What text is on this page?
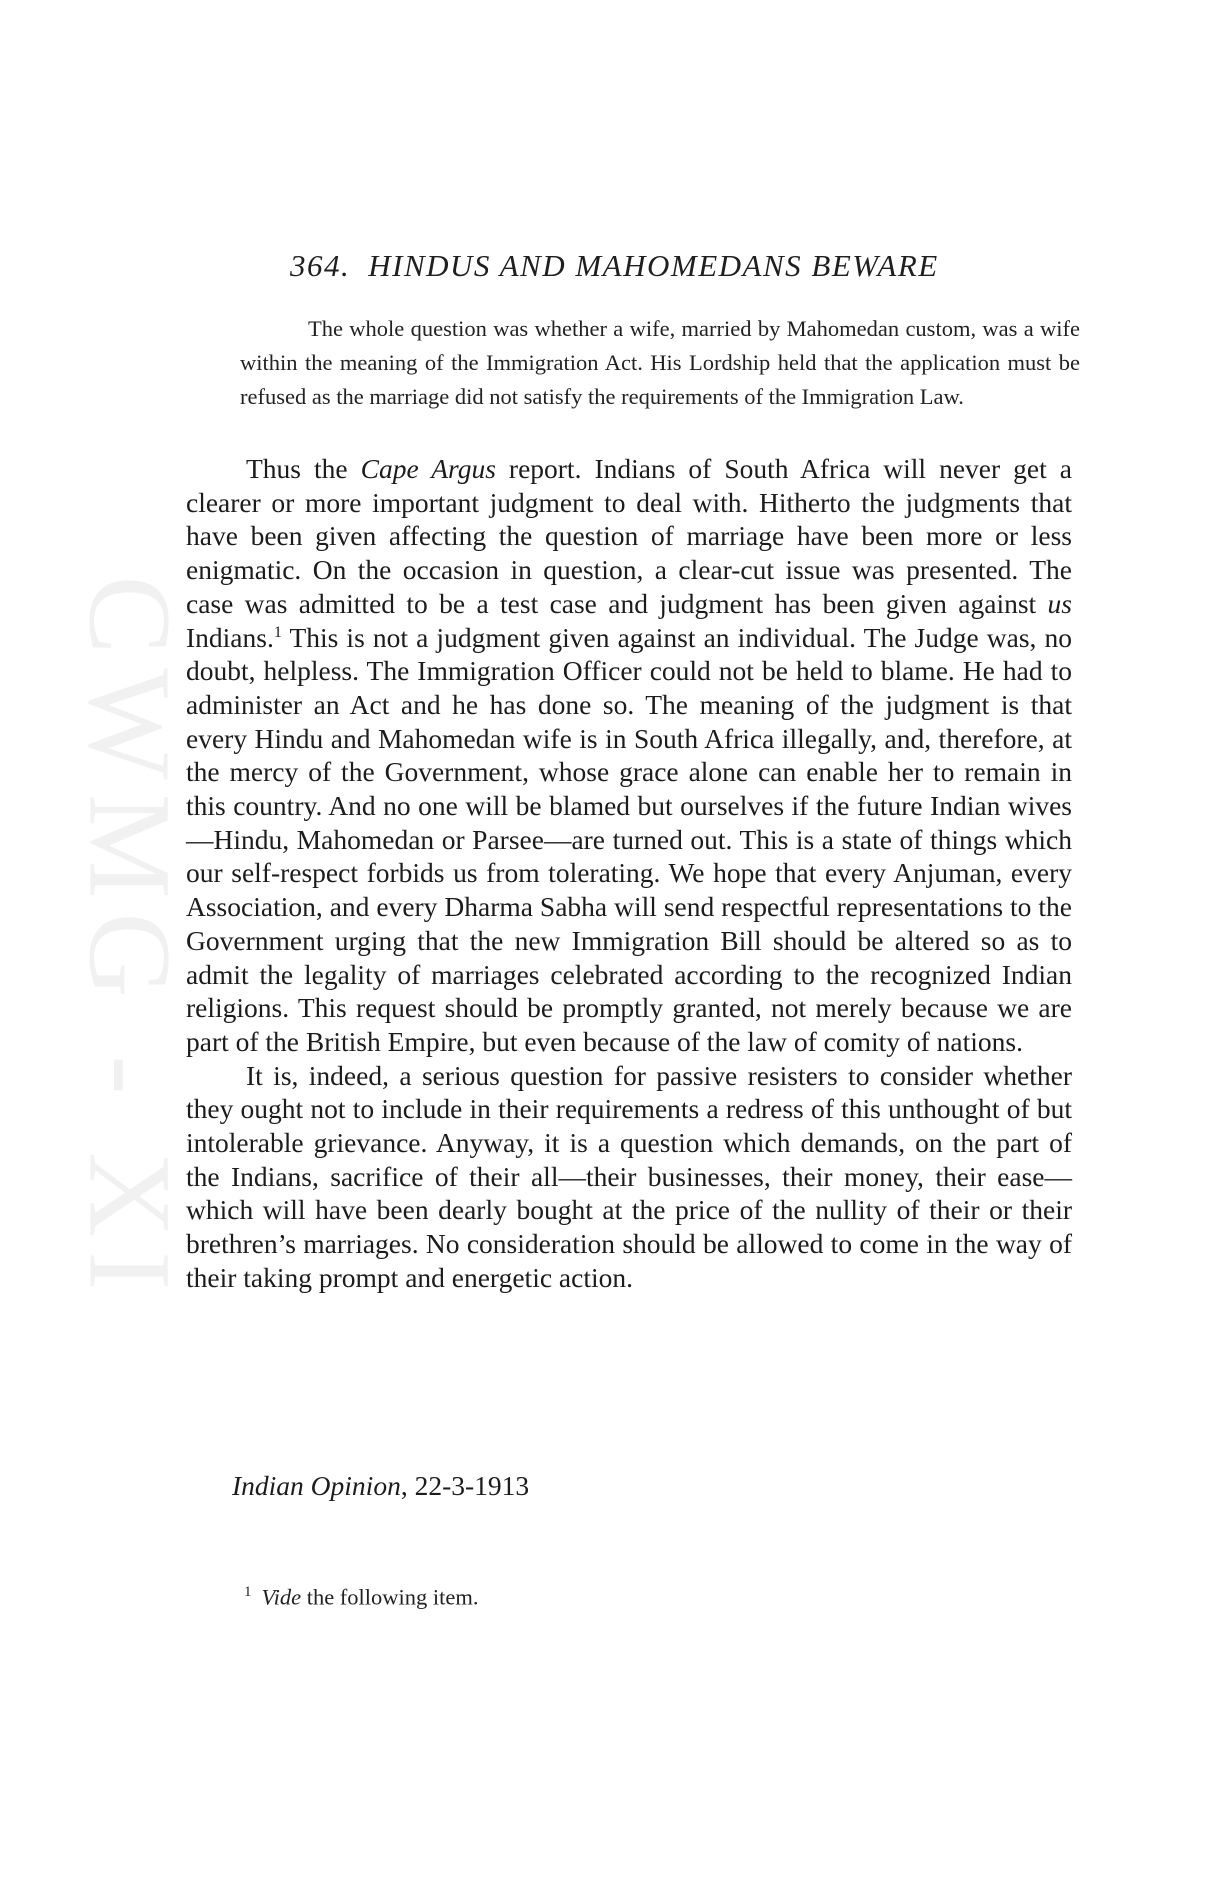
CWMG - XI
364. HINDUS AND MAHOMEDANS BEWARE
The whole question was whether a wife, married by Mahomedan custom, was a wife within the meaning of the Immigration Act. His Lordship held that the application must be refused as the marriage did not satisfy the requirements of the Immigration Law.

Thus the Cape Argus report. Indians of South Africa will never get a clearer or more important judgment to deal with. Hitherto the judgments that have been given affecting the question of marriage have been more or less enigmatic. On the occasion in question, a clear-cut issue was presented. The case was admitted to be a test case and judgment has been given against us Indians.$^1$ This is not a judgment given against an individual. The Judge was, no doubt, helpless. The Immigration Officer could not be held to blame. He had to administer an Act and he has done so. The meaning of the judgment is that every Hindu and Mahomedan wife is in South Africa illegally, and, therefore, at the mercy of the Government, whose grace alone can enable her to remain in this country. And no one will be blamed but ourselves if the future Indian wives—Hindu, Mahomedan or Parsee—are turned out. This is a state of things which our self-respect forbids us from tolerating. We hope that every Anjuman, every Association, and every Dharma Sabha will send respectful representations to the Government urging that the new Immigration Bill should be altered so as to admit the legality of marriages celebrated according to the recognized Indian religions. This request should be promptly granted, not merely because we are part of the British Empire, but even because of the law of comity of nations.

It is, indeed, a serious question for passive resisters to consider whether they ought not to include in their requirements a redress of this unthought of but intolerable grievance. Anyway, it is a question which demands, on the part of the Indians, sacrifice of their all—their businesses, their money, their ease—which will have been dearly bought at the price of the nullity of their or their brethren’s marriages. No consideration should be allowed to come in the way of their taking prompt and energetic action.

Indian Opinion, 22-3-1913
$^1$ Vide the following item.
